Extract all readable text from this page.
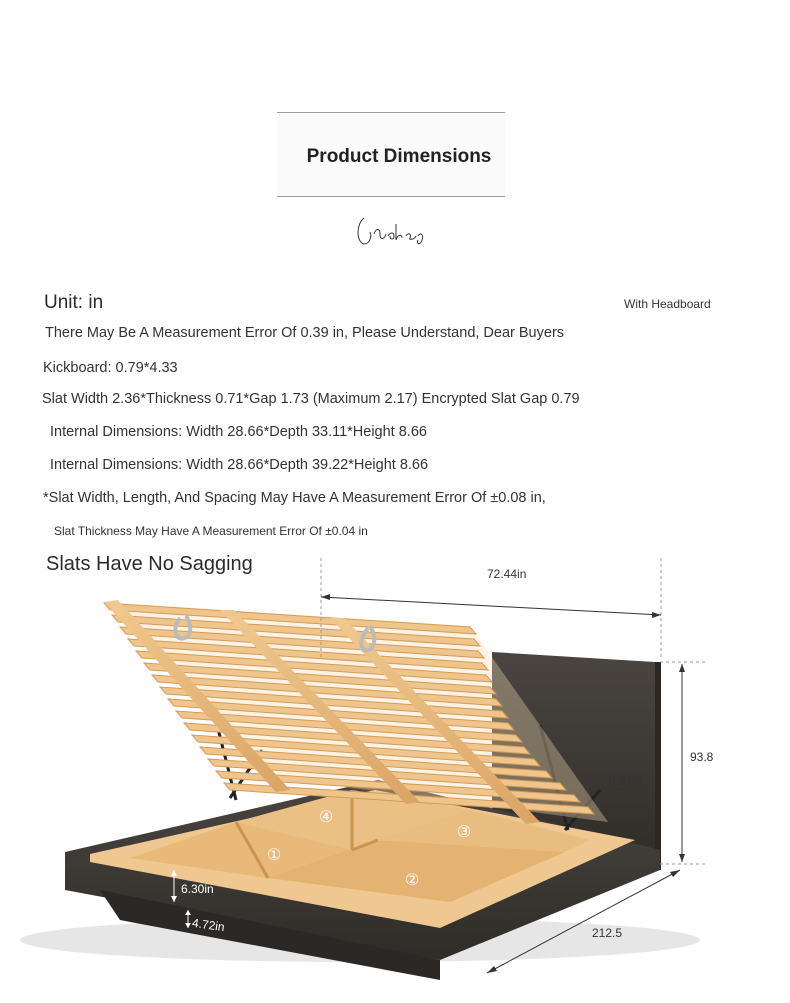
Product Dimensions
Unit: in	With Headboard
There May Be A Measurement Error Of 0.39 in, Please Understand, Dear Buyers
Kickboard: 0.79*4.33
Slat Width 2.36*Thickness 0.71*Gap 1.73 (Maximum 2.17) Encrypted Slat Gap 0.79
Internal Dimensions: Width 28.66*Depth 33.11*Height 8.66
Internal Dimensions: Width 28.66*Depth 39.22*Height 8.66
*Slat Width, Length, And Spacing May Have A Measurement Error Of ±0.08 in,
Slat Thickness May Have A Measurement Error Of ±0.04 in
Slats Have No Sagging
①
②
③
④
72.44in
93.8
8.27in
6.30in
4.72in	212.5
